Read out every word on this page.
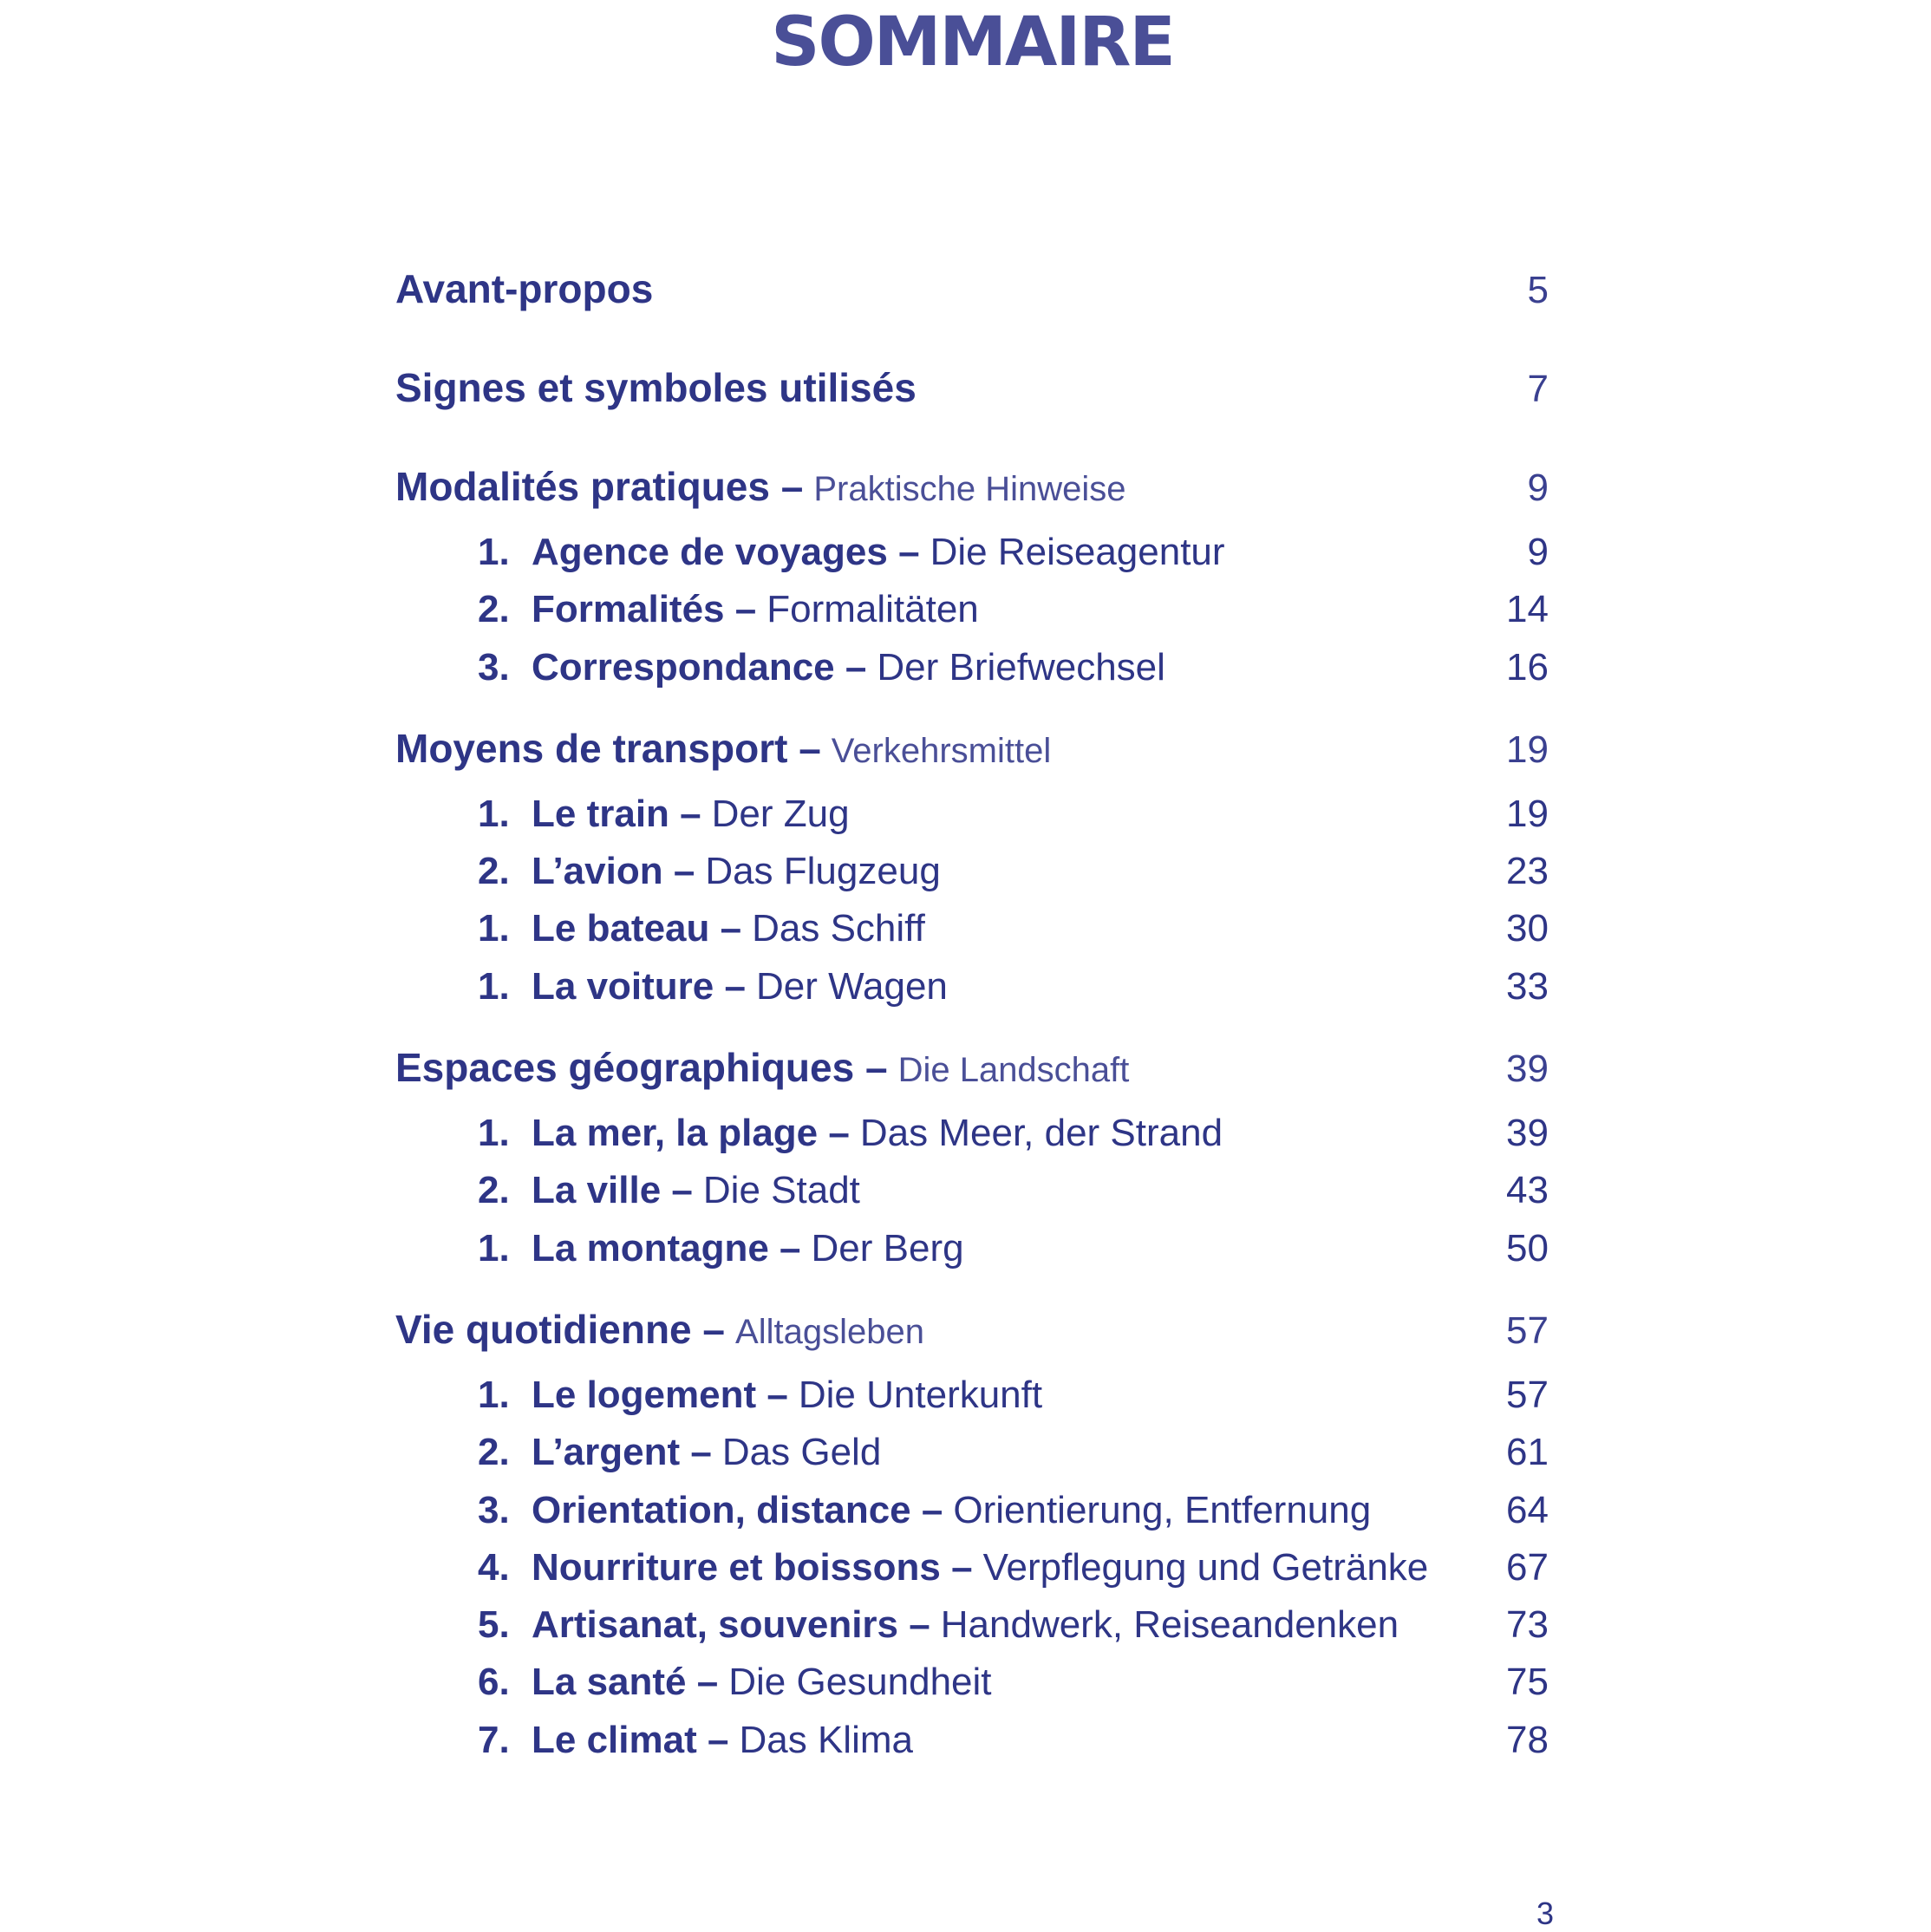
SOMMAIRE
Avant-propos	5
Signes et symboles utilisés	7
Modalités pratiques – Praktische Hinweise	9
1. Agence de voyages – Die Reiseagentur	9
2. Formalités – Formalitäten	14
3. Correspondance – Der Briefwechsel	16
Moyens de transport – Verkehrsmittel	19
1. Le train – Der Zug	19
2. L’avion – Das Flugzeug	23
1. Le bateau – Das Schiff	30
1. La voiture – Der Wagen	33
Espaces géographiques – Die Landschaft	39
1. La mer, la plage – Das Meer, der Strand	39
2. La ville – Die Stadt	43
1. La montagne – Der Berg	50
Vie quotidienne – Alltagsleben	57
1. Le logement – Die Unterkunft	57
2. L’argent – Das Geld	61
3. Orientation, distance – Orientierung, Entfernung	64
4. Nourriture et boissons – Verpflegung und Getränke 67
5. Artisanat, souvenirs – Handwerk, Reiseandenken	73
6. La santé – Die Gesundheit	75
7. Le climat – Das Klima	78
3
